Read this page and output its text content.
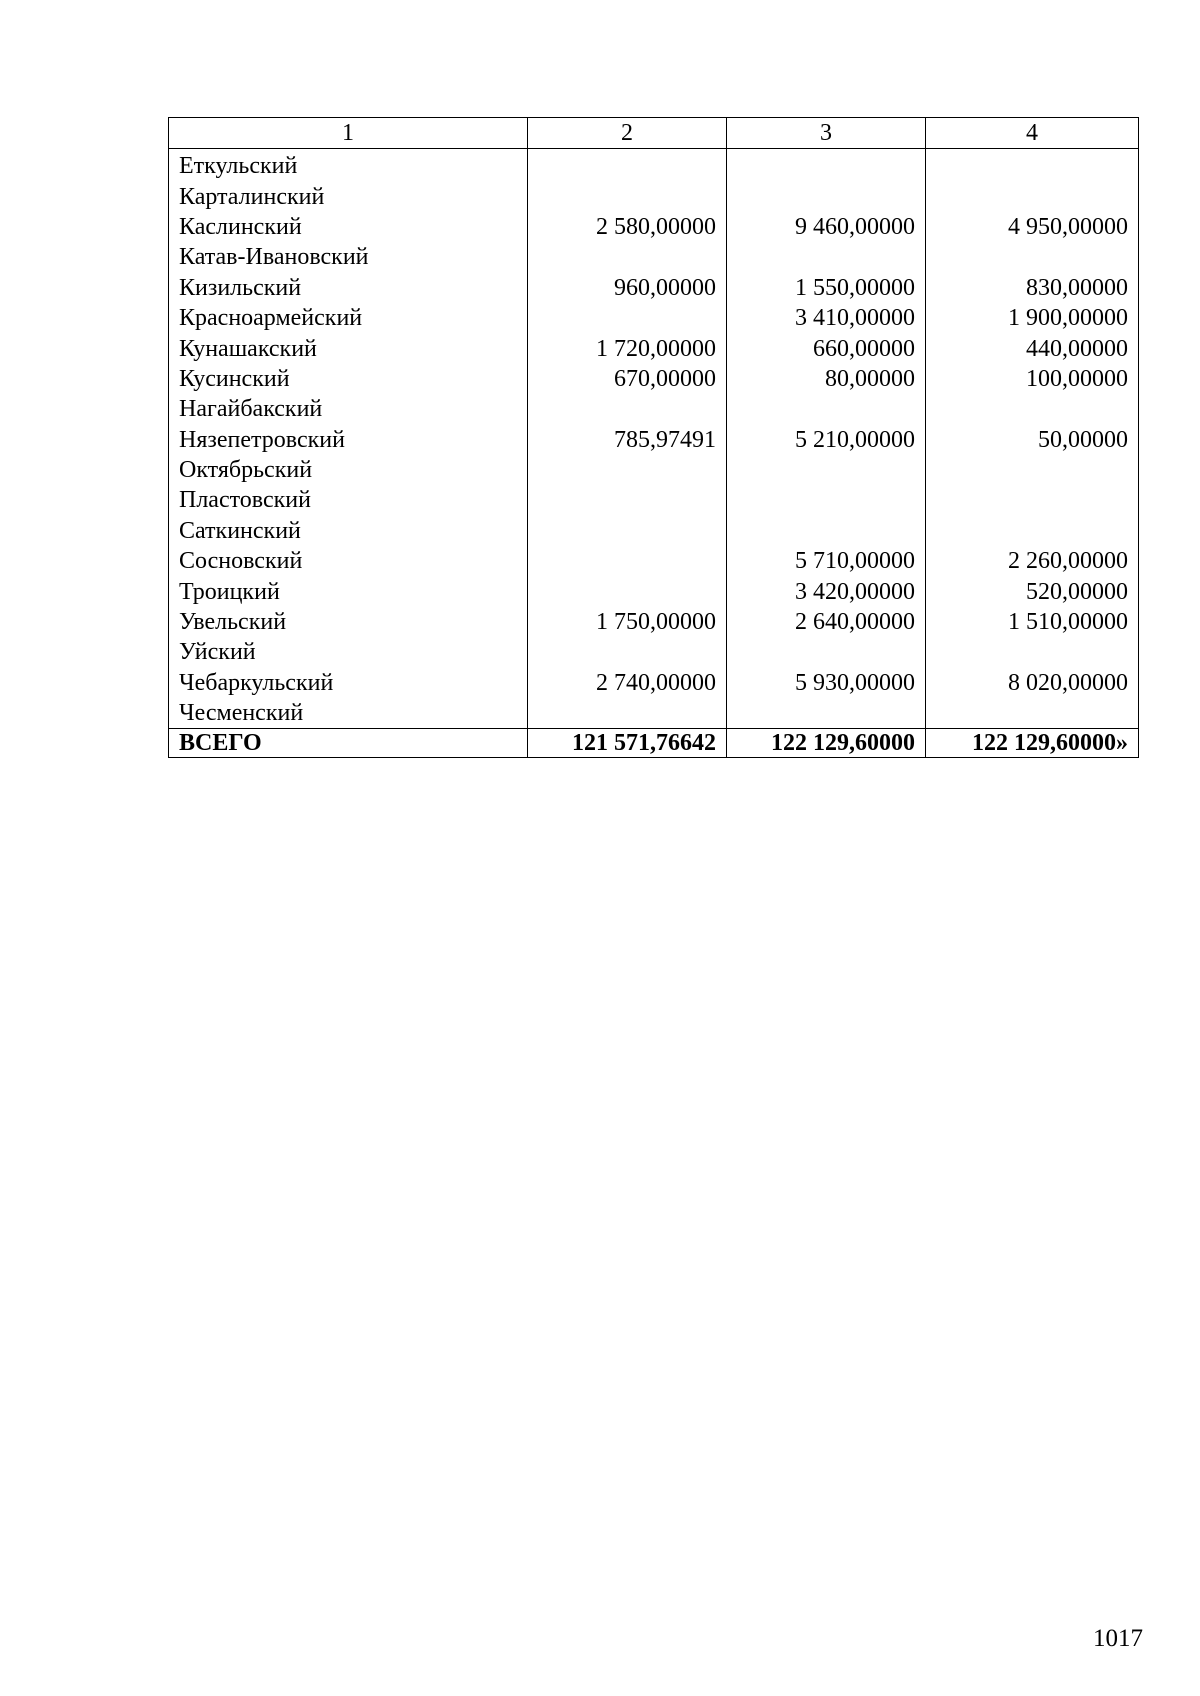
1	2	3	4
Еткульский			
Карталинский			
Каслинский	2 580,00000	9 460,00000	4 950,00000
Катав-Ивановский			
Кизильский	960,00000	1 550,00000	830,00000
Красноармейский		3 410,00000	1 900,00000
Кунашакский	1 720,00000	660,00000	440,00000
Кусинский	670,00000	80,00000	100,00000
Нагайбакский			
Нязепетровский	785,97491	5 210,00000	50,00000
Октябрьский			
Пластовский			
Саткинский			
Сосновский		5 710,00000	2 260,00000
Троицкий		3 420,00000	520,00000
Увельский	1 750,00000	2 640,00000	1 510,00000
Уйский			
Чебаркульский	2 740,00000	5 930,00000	8 020,00000
Чесменский			
ВСЕГО	121 571,76642	122 129,60000	122 129,60000»
1017
